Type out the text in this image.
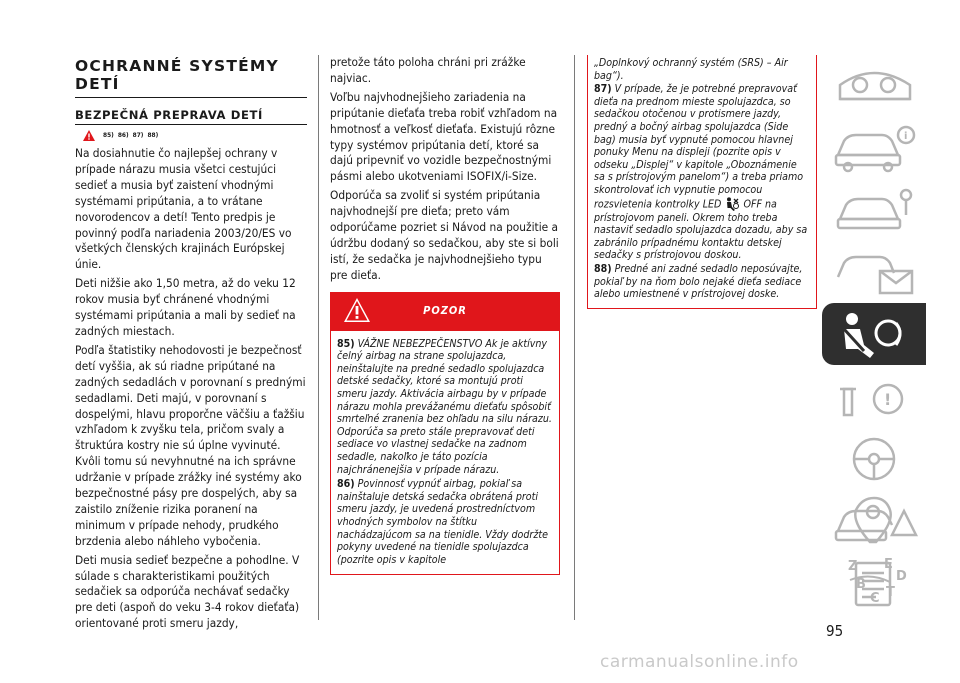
OCHRANNÉ SYSTÉMY DETÍ
BEZPEČNÁ PREPRAVA DETÍ
85) 86) 87) 88)

Na dosiahnutie čo najlepšej ochrany v prípade nárazu musia všetci cestujúci sedieť a musia byť zaistení vhodnými systémami pripútania, a to vrátane novorodencov a detí! Tento predpis je povinný podľa nariadenia 2003/20/ES vo všetkých členských krajinách Európskej únie.

Deti nižšie ako 1,50 metra, až do veku 12 rokov musia byť chránené vhodnými systémami pripútania a mali by sedieť na zadných miestach.

Podľa štatistiky nehodovosti je bezpečnosť detí vyššia, ak sú riadne pripútané na zadných sedadlách v porovnaní s prednými sedadlami. Deti majú, v porovnaní s dospelými, hlavu proporčne väčšiu a ťažšiu vzhľadom k zvyšku tela, pričom svaly a štruktúra kostry nie sú úplne vyvinuté. Kvôli tomu sú nevyhnutné na ich správne udržanie v prípade zrážky iné systémy ako bezpečnostné pásy pre dospelých, aby sa zaistilo zníženie rizika poranení na minimum v prípade nehody, prudkého brzdenia alebo náhleho vybočenia.

Deti musia sedieť bezpečne a pohodlne. V súlade s charakteristikami použitých sedačiek sa odporúča nechávať sedačky pre deti (aspoň do veku 3-4 rokov dieťaťa) orientované proti smeru jazdy,

pretože táto poloha chráni pri zrážke najviac.

Voľbu najvhodnejšieho zariadenia na pripútanie dieťaťa treba robiť vzhľadom na hmotnosť a veľkosť dieťaťa. Existujú rôzne typy systémov pripútania detí, ktoré sa dajú pripevniť vo vozidle bezpečnostnými pásmi alebo ukotveniami ISOFIX/i-Size.

Odporúča sa zvoliť si systém pripútania najvhodnejší pre dieťa; preto vám odporúčame pozriet si Návod na použitie a údržbu dodaný so sedačkou, aby ste si boli istí, že sedačka je najvhodnejšieho typu pre dieťa.

POZOR

85) VÁŽNE NEBEZPEČENSTVO Ak je aktívny čelný airbag na strane spolujazdca, neinštalujte na predné sedadlo spolujazdca detské sedačky, ktoré sa montujú proti smeru jazdy. Aktivácia airbagu by v prípade nárazu mohla prevážanému dieťaťu spôsobiť smrteľné zranenia bez ohľadu na silu nárazu. Odporúča sa preto stále prepravovať deti sediace vo vlastnej sedačke na zadnom sedadle, nakoľko je táto pozícia najchránenejšia v prípade nárazu.

86) Povinnosť vypnúť airbag, pokiaľ sa nainštaluje detská sedačka obrátená proti smeru jazdy, je uvedená prostredníctvom vhodných symbolov na štítku nachádzajúcom sa na tienidle. Vždy dodržte pokyny uvedené na tienidle spolujazdca (pozrite opis v kapitole

„Doplnkový ochranný systém (SRS) – Air bag“).

87) V prípade, že je potrebné prepravovať dieťa na prednom mieste spolujazdca, so sedačkou otočenou v protismere jazdy, predný a bočný airbag spolujazdca (Side bag) musia byť vypnuté pomocou hlavnej ponuky Menu na displeji (pozrite opis v odseku „Displej“ v kapitole „Oboznámenie sa s prístrojovým panelom“) a treba priamo skontrolovať ich vypnutie pomocou rozsvietenia kontrolky LED OFF na prístrojovom paneli. Okrem toho treba nastaviť sedadlo spolujazdca dozadu, aby sa zabránilo prípadnému kontaktu detskej sedačky s prístrojovou doskou.

88) Predné ani zadné sedadlo neposúvajte, pokiaľ by na ňom bolo nejaké dieťa sediace alebo umiestnené v prístrojovej doske.

i
!
Z E
B
C T
D
95
carmanualsonline.info
